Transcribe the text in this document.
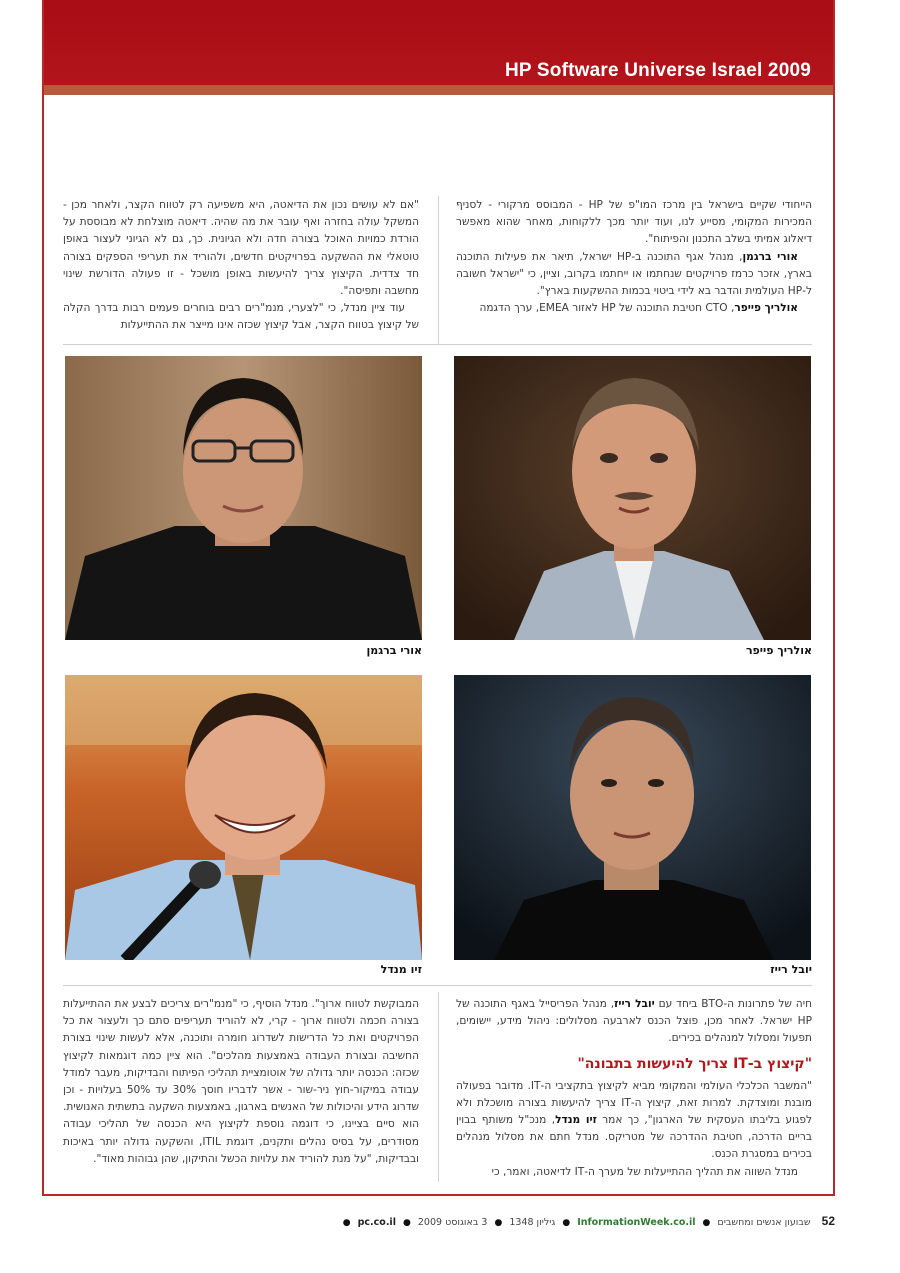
HP Software Universe Israel 2009

הייחודי שקיים בישראל בין מרכז המו"פ של HP - המבוסס מרקורי - לסניף המכירות המקומי, מסייע לנו, ועוד יותר מכך ללקוחות, מאחר שהוא מאפשר דיאלוג אמיתי בשלב התכנון והפיתוח".

אורי ברגמן, מנהל אגף התוכנה ב-HP ישראל, תיאר את פעילות התוכנה בארץ, אזכר כרמז פרויקטים שנחתמו או ייחתמו בקרוב, וציין, כי "ישראל חשובה ל-HP העולמית והדבר בא לידי ביטוי בכמות ההשקעות בארץ".

אולריך פייפר, CTO חטיבת התוכנה של HP לאזור EMEA, ערך הדגמה

"אם לא עושים נכון את הדיאטה, היא משפיעה רק לטווח הקצר, ולאחר מכן - המשקל עולה בחזרה ואף עובר את מה שהיה. דיאטה מוצלחת לא מבוססת על הורדת כמויות האוכל בצורה חדה ולא הגיונית. כך, גם לא הגיוני לעצור באופן טוטאלי את ההשקעה בפרויקטים חדשים, ולהוריד את תעריפי הספקים בצורה חד צדדית. הקיצוץ צריך להיעשות באופן מושכל - זו פעולה הדורשת שינוי מחשבה ותפיסה".

עוד ציין מנדל, כי "לצערי, מנמ"רים רבים בוחרים פעמים רבות בדרך הקלה של קיצוץ בטווח הקצר, אבל קיצוץ שכזה אינו מייצר את ההתייעלות

אולריך פייפר
אורי ברגמן
יובל רייז
זיו מנדל

חיה של פתרונות ה-BTO ביחד עם יובל רייז, מנהל הפריסייל באגף התוכנה של HP ישראל. לאחר מכן, פוצל הכנס לארבעה מסלולים: ניהול מידע, יישומים, תפעול ומסלול למנהלים בכירים.

"קיצוץ ב-IT צריך להיעשות בתבונה"

"המשבר הכלכלי העולמי והמקומי מביא לקיצוץ בתקציבי ה-IT. מדובר בפעולה מובנת ומוצדקת. למרות זאת, קיצוץ ה-IT צריך להיעשות בצורה מושכלת ולא לפגוע בליבתו העסקית של הארגון", כך אמר זיו מנדל, מנכ"ל משותף בבוין בריים הדרכה, חטיבת ההדרכה של מטריקס. מנדל חתם את מסלול מנהלים בכירים במסגרת הכנס.

מנדל השווה את תהליך ההתייעלות של מערך ה-IT לדיאטה, ואמר, כי

המבוקשת לטווח ארוך". מנדל הוסיף, כי "מנמ"רים צריכים לבצע את ההתייעלות בצורה חכמה ולטווח ארוך - קרי, לא להוריד תעריפים סתם כך ולעצור את כל הפרויקטים ואת כל הדרישות לשדרוג חומרה ותוכנה, אלא לעשות שינוי בצורת החשיבה ובצורת העבודה באמצעות מהלכים". הוא ציין כמה דוגמאות לקיצוץ שכזה: הכנסה יותר גדולה של אוטומציית תהליכי הפיתוח והבדיקות, מעבר למודל עבודה במיקור-חוץ ניר-שור - אשר לדבריו חוסך 30% עד 50% בעלויות - וכן שדרוג הידע והיכולות של האנשים בארגון, באמצעות השקעה בתשתית האנושית. הוא סיים בציינו, כי דוגמה נוספת לקיצוץ היא הכנסה של תהליכי עבודה מסודרים, על בסיס נהלים ותקנים, דוגמת ITIL, והשקעה גדולה יותר באיכות ובבדיקות, "על מנת להוריד את עלויות הכשל והתיקון, שהן גבוהות מאוד".

52 שבועון אנשים ומחשבים ● InformationWeek.co.il ● גיליון 1348 ● 3 באוגוסט 2009 ● pc.co.il ●
